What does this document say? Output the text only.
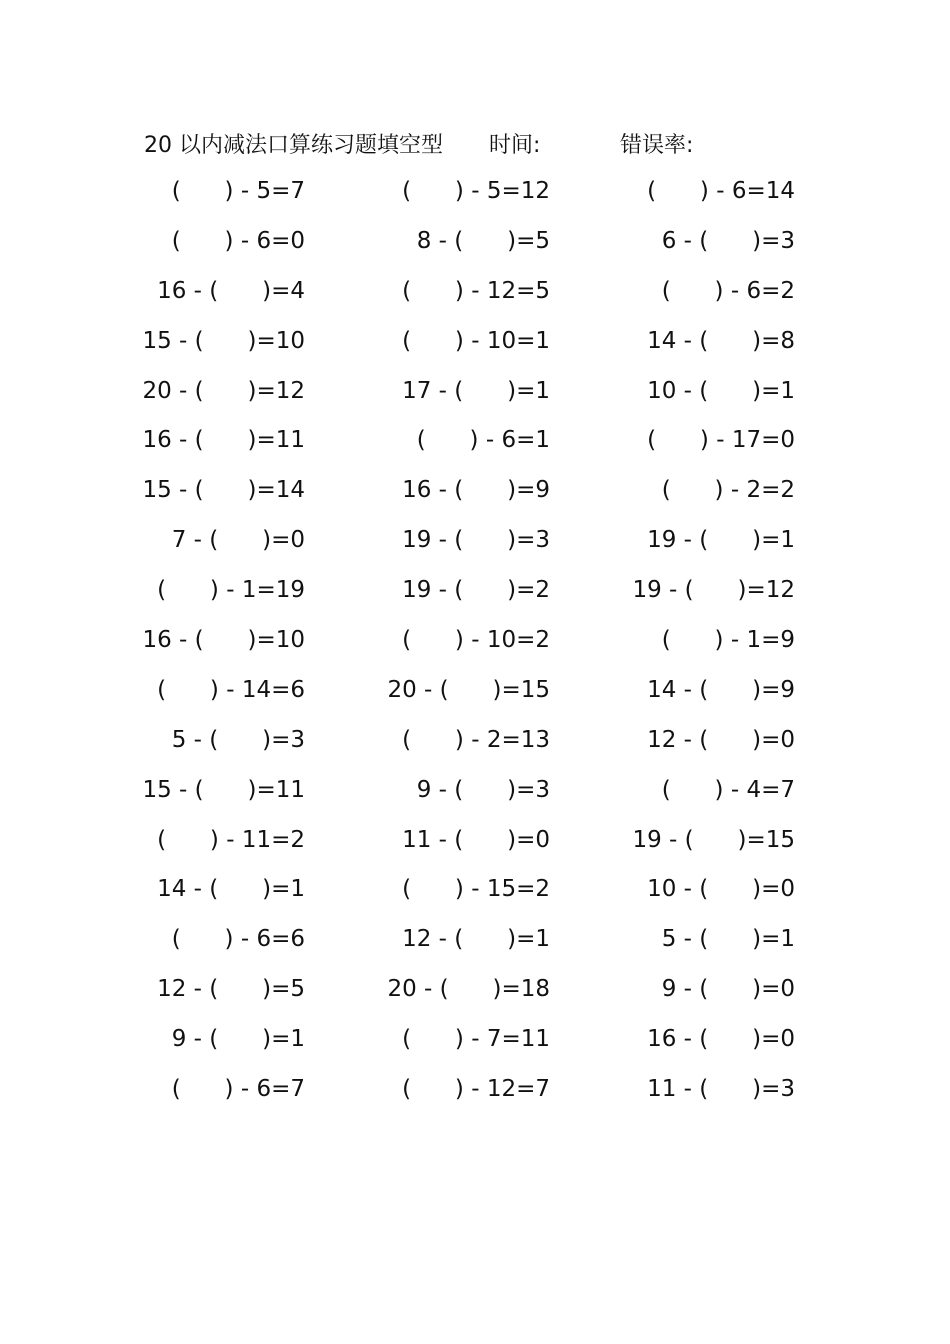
20 以内减法口算练习题填空型	时间:	错误率:
(      ) - 5=7	(      ) - 5=12	(      ) - 6=14
(      ) - 6=0	8 - (      )=5	6 - (      )=3
16 - (      )=4	(      ) - 12=5	(      ) - 6=2
15 - (      )=10	(      ) - 10=1	14 - (      )=8
20 - (      )=12	17 - (      )=1	10 - (      )=1
16 - (      )=11	(      ) - 6=1	(      ) - 17=0
15 - (      )=14	16 - (      )=9	(      ) - 2=2
7 - (      )=0	19 - (      )=3	19 - (      )=1
(      ) - 1=19	19 - (      )=2	19 - (      )=12
16 - (      )=10	(      ) - 10=2	(      ) - 1=9
(      ) - 14=6	20 - (      )=15	14 - (      )=9
5 - (      )=3	(      ) - 2=13	12 - (      )=0
15 - (      )=11	9 - (      )=3	(      ) - 4=7
(      ) - 11=2	11 - (      )=0	19 - (      )=15
14 - (      )=1	(      ) - 15=2	10 - (      )=0
(      ) - 6=6	12 - (      )=1	5 - (      )=1
12 - (      )=5	20 - (      )=18	9 - (      )=0
9 - (      )=1	(      ) - 7=11	16 - (      )=0
(      ) - 6=7	(      ) - 12=7	11 - (      )=3
